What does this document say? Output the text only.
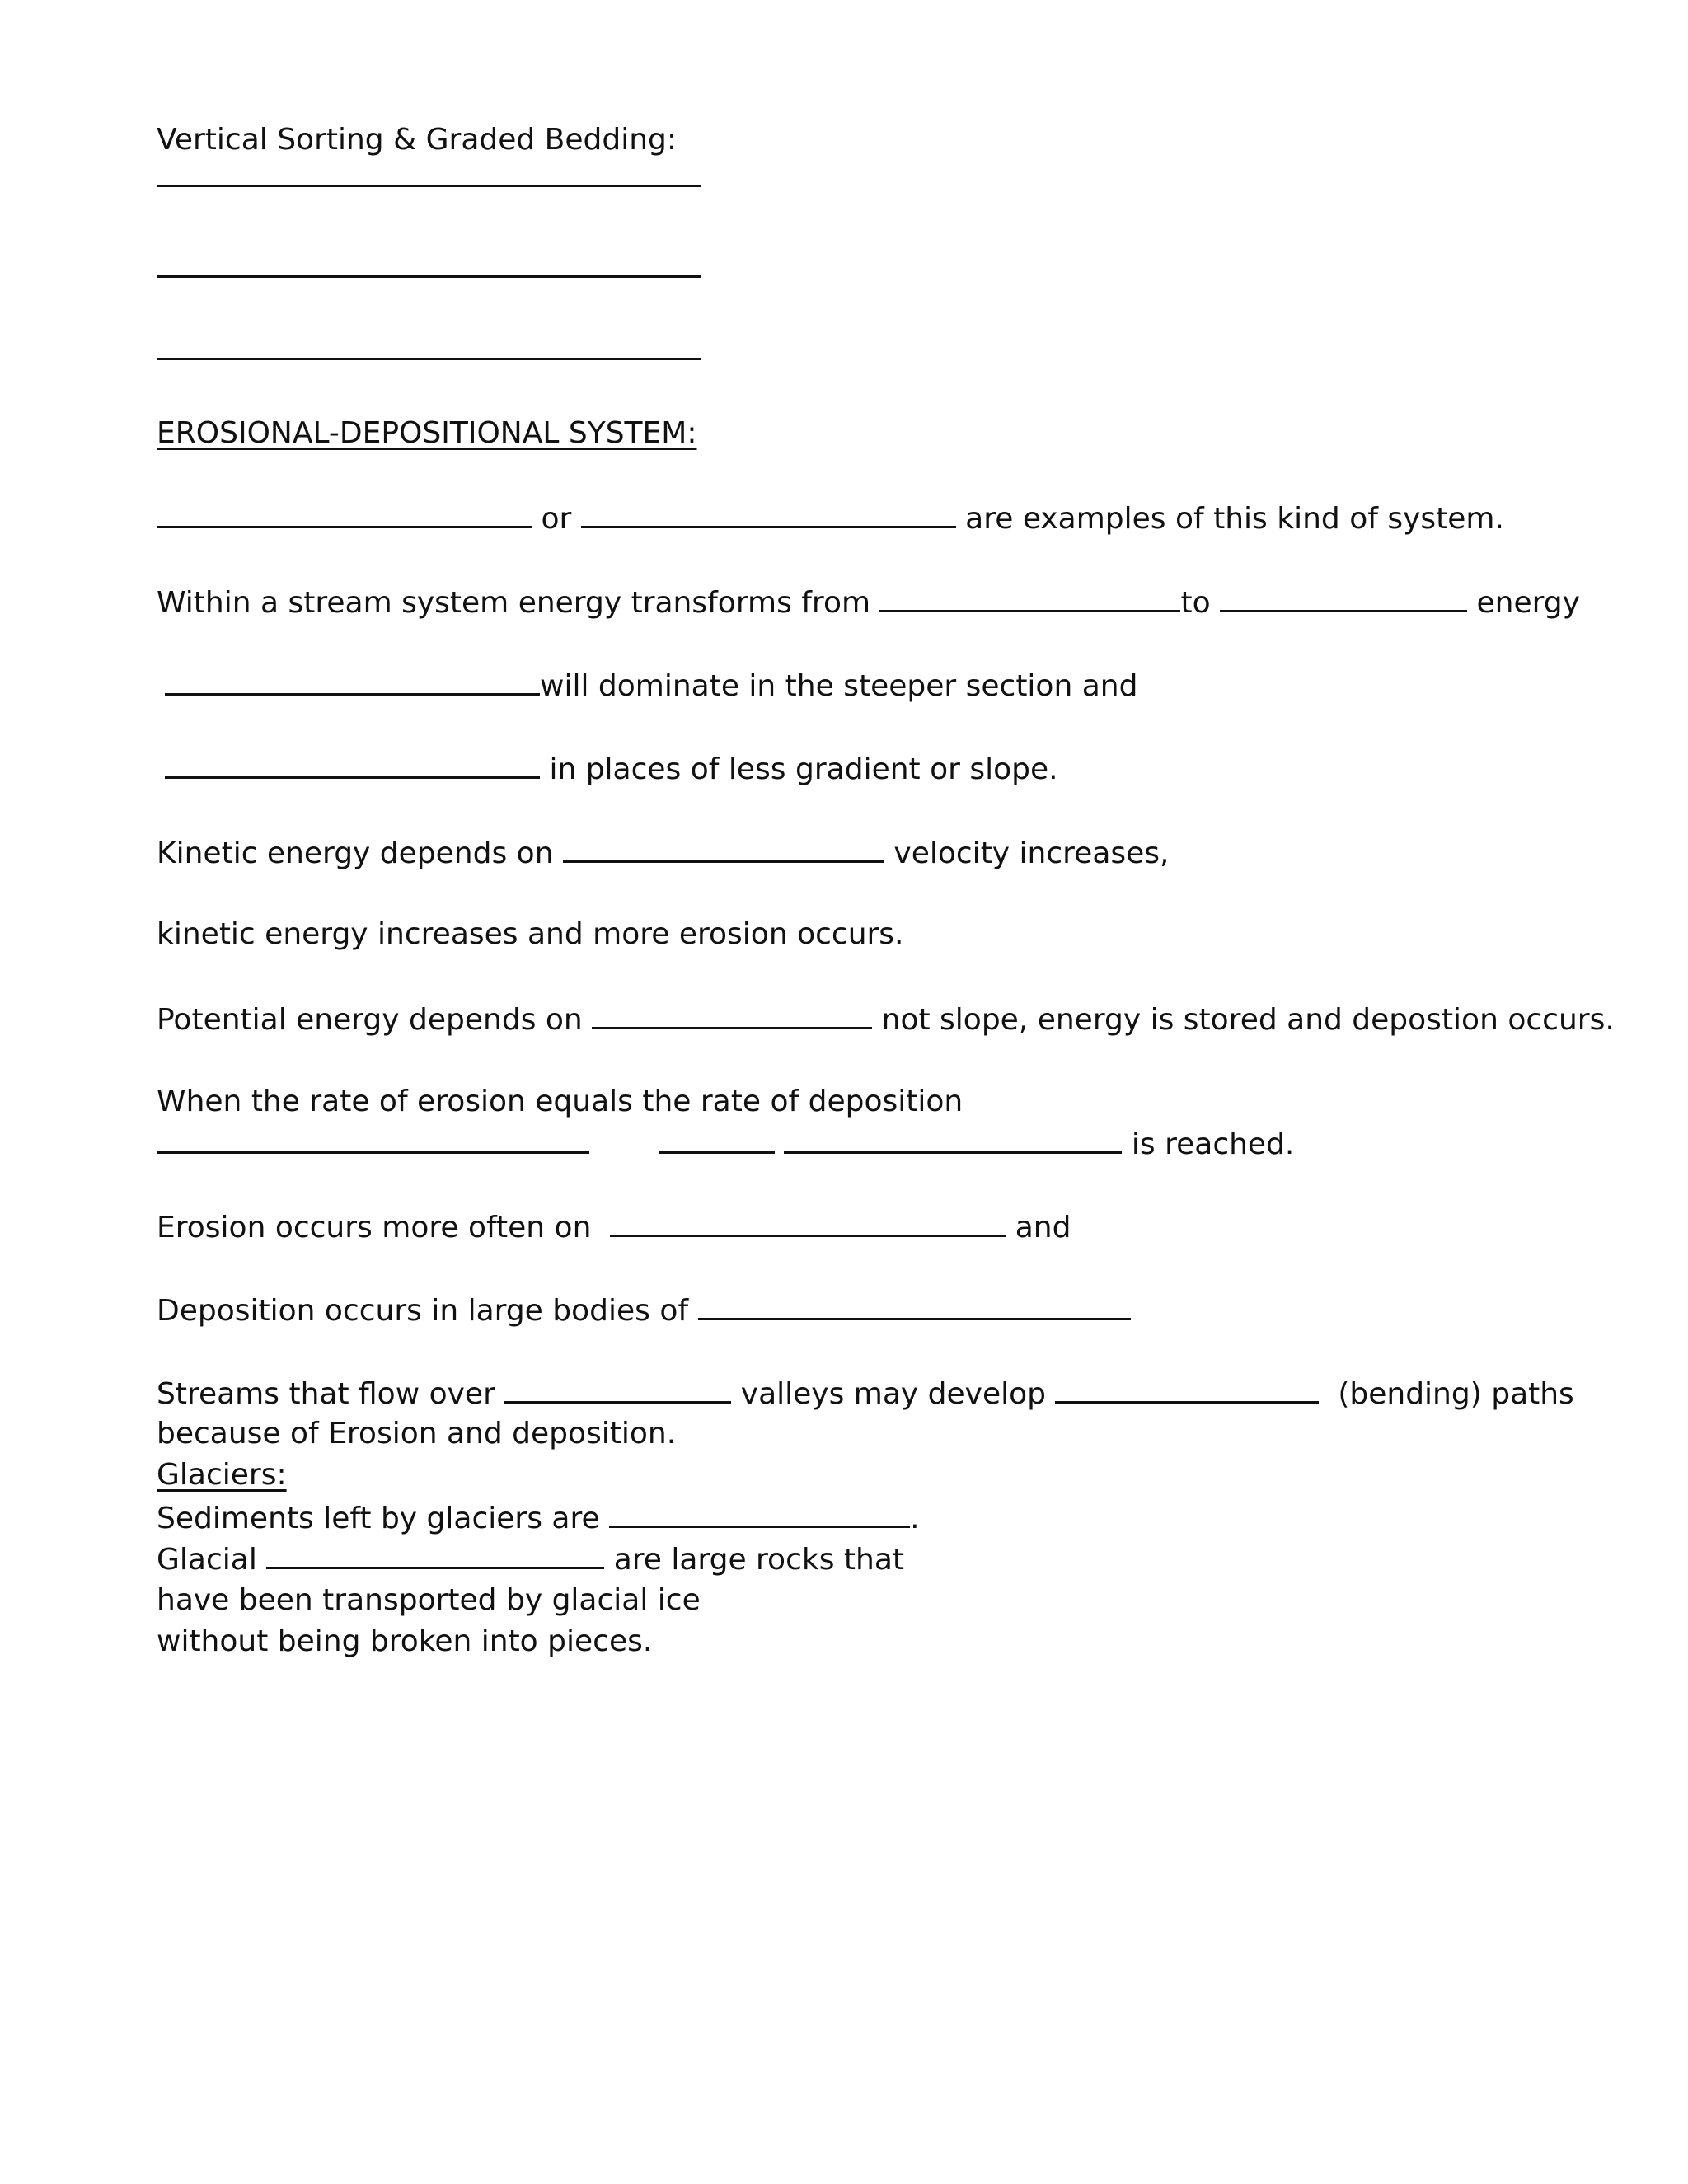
Vertical Sorting & Graded Bedding:
EROSIONAL-DEPOSITIONAL SYSTEM:
or	are examples of this kind of system.
Within a stream system energy transforms from	to	energy
will dominate in the steeper section and
in places of less gradient or slope.
Kinetic energy depends on	velocity increases,
kinetic energy increases and more erosion occurs.
Potential energy depends on	not slope, energy is stored and depostion occurs.
When the rate of erosion equals the rate of deposition
is reached.
Erosion occurs more often on	and
Deposition occurs in large bodies of
Streams that flow over	valleys may develop	(bending) paths
because of Erosion and deposition.
Glaciers:
Sediments left by glaciers are	.
Glacial	are large rocks that
have been transported by glacial ice
without being broken into pieces.
